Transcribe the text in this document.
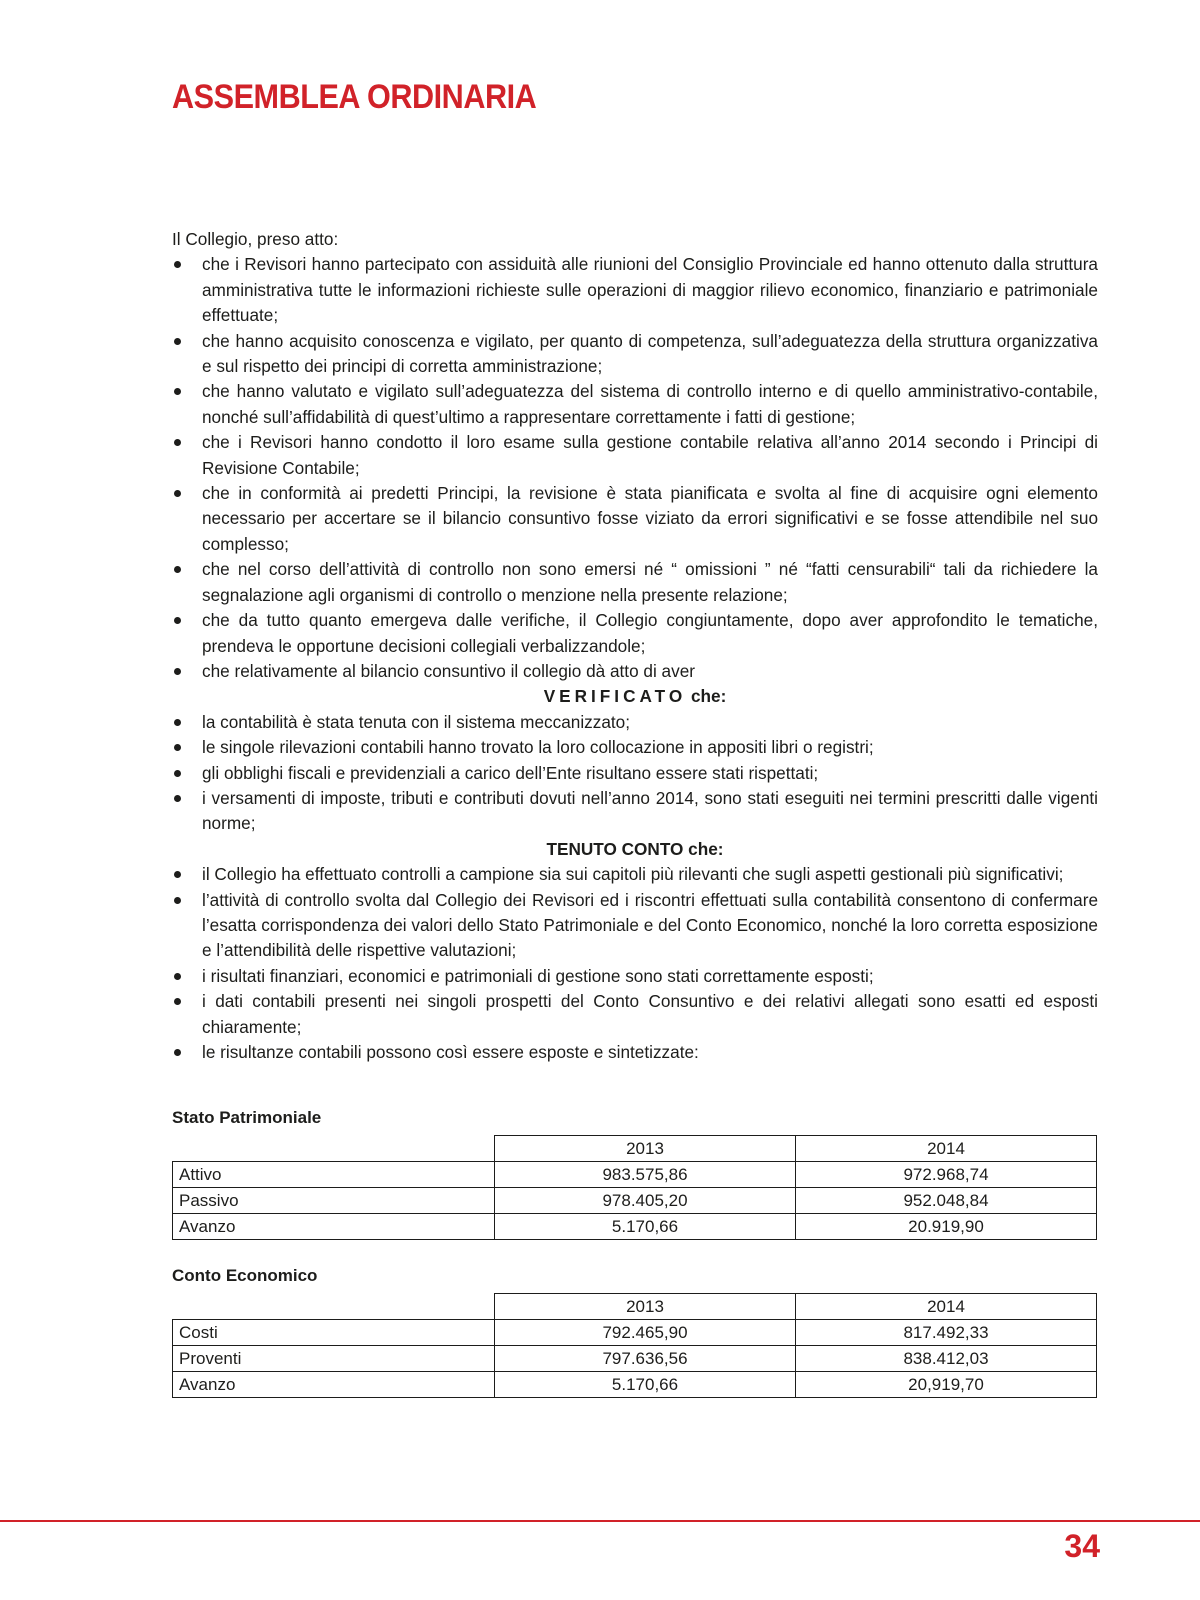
ASSEMBLEA ORDINARIA

Il Collegio, preso atto:

che i Revisori hanno partecipato con assiduità alle riunioni del Consiglio Provinciale ed hanno ottenuto dalla struttura amministrativa tutte le informazioni richieste sulle operazioni di maggior rilievo economico, finanziario e patrimoniale effettuate;
che hanno acquisito conoscenza e vigilato, per quanto di competenza, sull’adeguatezza della struttura organizzativa e sul rispetto dei principi di corretta amministrazione;
che hanno valutato e vigilato sull’adeguatezza del sistema di controllo interno e di quello amministrativo-contabile, nonché sull’affidabilità di quest’ultimo a rappresentare correttamente i fatti di gestione;
che i Revisori hanno condotto il loro esame sulla gestione contabile relativa all’anno 2014 secondo i Principi di Revisione Contabile;
che in conformità ai predetti Principi, la revisione è stata pianificata e svolta al fine di acquisire ogni elemento necessario per accertare se il bilancio consuntivo fosse viziato da errori significativi e se fosse attendibile nel suo complesso;
che nel corso dell’attività di controllo non sono emersi né “ omissioni ” né “fatti censurabili“ tali da richiedere la segnalazione agli organismi di controllo o menzione nella presente relazione;
che da tutto quanto emergeva dalle verifiche, il Collegio congiuntamente, dopo aver approfondito le tematiche, prendeva le opportune decisioni collegiali verbalizzandole;
che relativamente al bilancio consuntivo il collegio dà atto di aver

VERIFICATO che:

la contabilità è stata tenuta con il sistema meccanizzato;
le singole rilevazioni contabili hanno trovato la loro collocazione in appositi libri o registri;
gli obblighi fiscali e previdenziali a carico dell’Ente risultano essere stati rispettati;
i versamenti di imposte, tributi e contributi dovuti nell’anno 2014, sono stati eseguiti nei termini prescritti dalle vigenti norme;

TENUTO CONTO che:

il Collegio ha effettuato controlli a campione sia sui capitoli più rilevanti che sugli aspetti gestionali più significativi;
l’attività di controllo svolta dal Collegio dei Revisori ed i riscontri effettuati sulla contabilità consentono di confermare l’esatta corrispondenza dei valori dello Stato Patrimoniale e del Conto Economico, nonché la loro corretta esposizione e l’attendibilità delle rispettive valutazioni;
i risultati finanziari, economici e patrimoniali di gestione sono stati correttamente esposti;
i dati contabili presenti nei singoli prospetti del Conto Consuntivo e dei relativi allegati sono esatti ed esposti chiaramente;
le risultanze contabili possono così essere esposte e sintetizzate:

Stato Patrimoniale

	2013	2014
Attivo	983.575,86	972.968,74
Passivo	978.405,20	952.048,84
Avanzo	5.170,66	20.919,90

Conto Economico

	2013	2014
Costi	792.465,90	817.492,33
Proventi	797.636,56	838.412,03
Avanzo	5.170,66	20,919,70

34
